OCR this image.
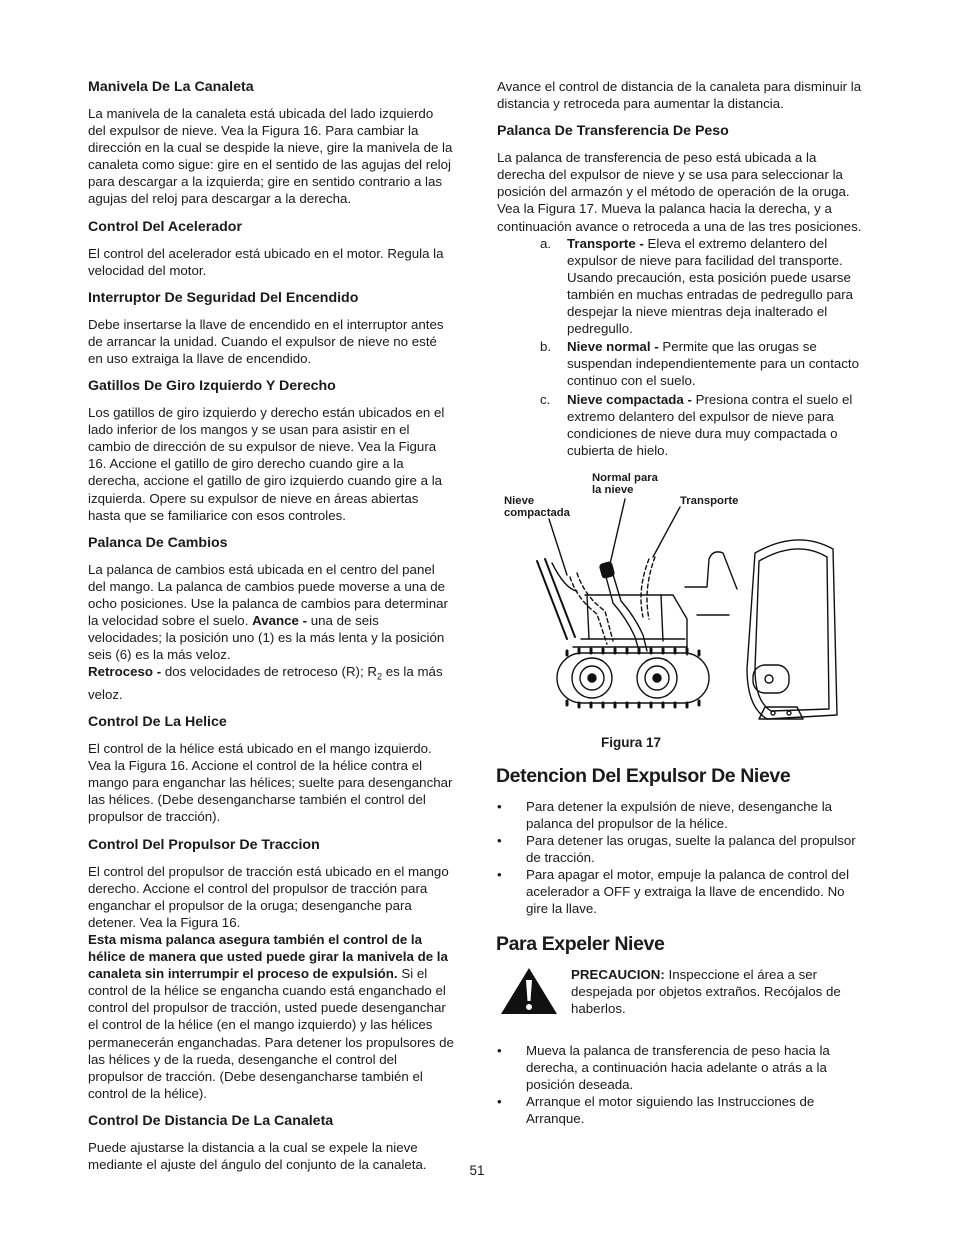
Manivela De La Canaleta

La manivela de la canaleta está ubicada del lado izquierdo del expulsor de nieve. Vea la Figura 16. Para cambiar la dirección en la cual se despide la nieve, gire la manivela de la canaleta como sigue: gire en el sentido de las agujas del reloj para descargar a la izquierda; gire en sentido contrario a las agujas del reloj para descargar a la derecha.

Control Del Acelerador

El control del acelerador está ubicado en el motor. Regula la velocidad del motor.

Interruptor De Seguridad Del Encendido

Debe insertarse la llave de encendido en el interruptor antes de arrancar la unidad. Cuando el expulsor de nieve no esté en uso extraiga la llave de encendido.

Gatillos De Giro Izquierdo Y Derecho

Los gatillos de giro izquierdo y derecho están ubicados en el lado inferior de los mangos y se usan para asistir en el cambio de dirección de su expulsor de nieve. Vea la Figura 16. Accione el gatillo de giro derecho cuando gire a la derecha, accione el gatillo de giro izquierdo cuando gire a la izquierda. Opere su expulsor de nieve en áreas abiertas hasta que se familiarice con esos controles.

Palanca De Cambios

La palanca de cambios está ubicada en el centro del panel del mango. La palanca de cambios puede moverse a una de ocho posiciones. Use la palanca de cambios para determinar la velocidad sobre el suelo. Avance - una de seis velocidades; la posición uno (1) es la más lenta y la posición seis (6) es la más veloz.
Retroceso - dos velocidades de retroceso (R); $R_2$ es la más veloz.

Control De La Helice

El control de la hélice está ubicado en el mango izquierdo. Vea la Figura 16. Accione el control de la hélice contra el mango para enganchar las hélices; suelte para desenganchar las hélices. (Debe desengancharse también el control del propulsor de tracción).

Control Del Propulsor De Traccion

El control del propulsor de tracción está ubicado en el mango derecho. Accione el control del propulsor de tracción para enganchar el propulsor de la oruga; desenganche para detener. Vea la Figura 16.
Esta misma palanca asegura también el control de la hélice de manera que usted puede girar la manivela de la canaleta sin interrumpir el proceso de expulsión. Si el control de la hélice se engancha cuando está enganchado el control del propulsor de tracción, usted puede desenganchar el control de la hélice (en el mango izquierdo) y las hélices permanecerán enganchadas. Para detener los propulsores de las hélices y de la rueda, desenganche el control del propulsor de tracción. (Debe desengancharse también el control de la hélice).

Control De Distancia De La Canaleta

Puede ajustarse la distancia a la cual se expele la nieve mediante el ajuste del ángulo del conjunto de la canaleta.

Avance el control de distancia de la canaleta para disminuir la distancia y retroceda para aumentar la distancia.

Palanca De Transferencia De Peso

La palanca de transferencia de peso está ubicada a la derecha del expulsor de nieve y se usa para seleccionar la posición del armazón y el método de operación de la oruga. Vea la Figura 17. Mueva la palanca hacia la derecha, y a continuación avance o retroceda a una de las tres posiciones.

a. Transporte - Eleva el extremo delantero del expulsor de nieve para facilidad del transporte. Usando precaución, esta posición puede usarse también en muchas entradas de pedregullo para despejar la nieve mientras deja inalterado el pedregullo.
b. Nieve normal - Permite que las orugas se suspendan independientemente para un contacto continuo con el suelo.
c. Nieve compactada - Presiona contra el suelo el extremo delantero del expulsor de nieve para condiciones de nieve dura muy compactada o cubierta de hielo.
Nieve
compactada
Normal para
la nieve
Transporte
Figura 17
Detencion Del Expulsor De Nieve
• Para detener la expulsión de nieve, desenganche la palanca del propulsor de la hélice.
• Para detener las orugas, suelte la palanca del propulsor de tracción.
• Para apagar el motor, empuje la palanca de control del acelerador a OFF y extraiga la llave de encendido. No gire la llave.
Para Expeler Nieve

PRECAUCION: Inspeccione el área a ser despejada por objetos extraños. Recójalos de haberlos.

• Mueva la palanca de transferencia de peso hacia la derecha, a continuación hacia adelante o atrás a la posición deseada.
• Arranque el motor siguiendo las Instrucciones de Arranque.
51
